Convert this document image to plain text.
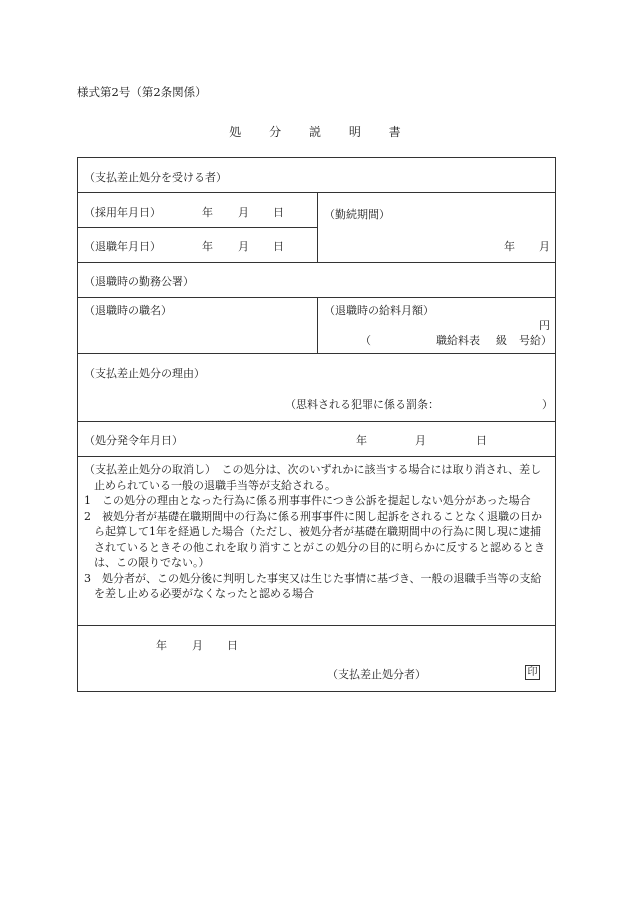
様式第2号（第2条関係）
処 分 説 明 書
（支払差止処分を受ける者）
（採用年月日）	年 月 日	（勤続期間）
（退職年月日）	年 月 日	年 月
（退職時の勤務公署）
（退職時の職名）	（退職時の給料月額）
円
（	職給料表 級 号給）
（支払差止処分の理由）
（思料される犯罪に係る罰条：	）
（処分発令年月日）	年	月	日
（支払差止処分の取消し）　この処分は、次のいずれかに該当する場合には取り消され、差し止められている一般の退職手当等が支給される。
1　この処分の理由となった行為に係る刑事事件につき公訴を提起しない処分があった場合
2　被処分者が基礎在職期間中の行為に係る刑事事件に関し起訴をされることなく退職の日から起算して1年を経過した場合（ただし、被処分者が基礎在職期間中の行為に関し現に逮捕されているときその他これを取り消すことがこの処分の目的に明らかに反すると認めるときは、この限りでない。）
3　処分者が、この処分後に判明した事実又は生じた事情に基づき、一般の退職手当等の支給を差し止める必要がなくなったと認める場合
年 月 日
（支払差止処分者）	印
